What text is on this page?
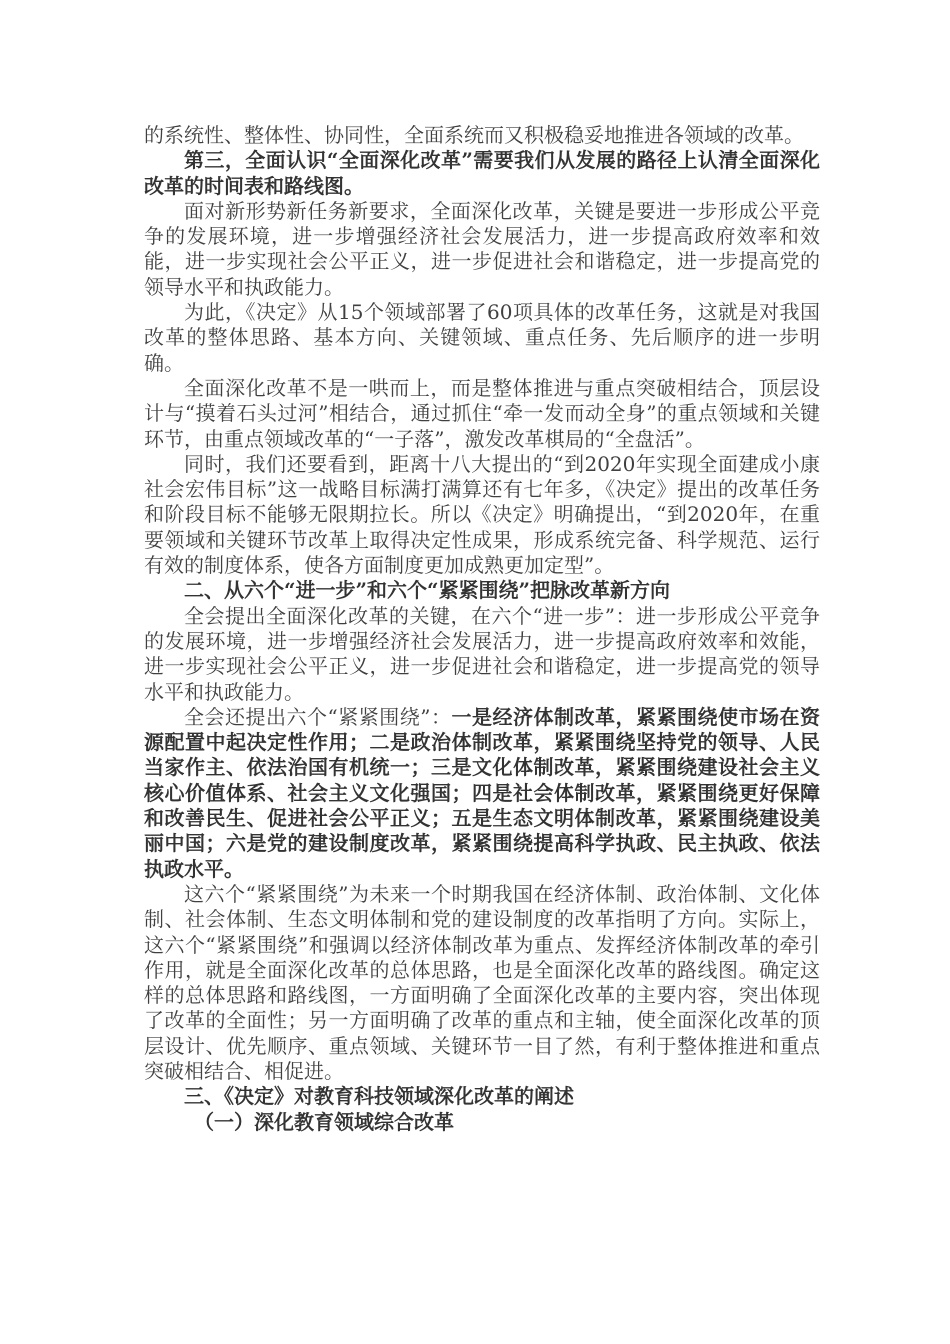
的系统性、整体性、协同性，全面系统而又积极稳妥地推进各领域的改革。

第三，全面认识“全面深化改革”需要我们从发展的路径上认清全面深化改革的时间表和路线图。

面对新形势新任务新要求，全面深化改革，关键是要进一步形成公平竞争的发展环境，进一步增强经济社会发展活力，进一步提高政府效率和效能，进一步实现社会公平正义，进一步促进社会和谐稳定，进一步提高党的领导水平和执政能力。

为此，《决定》从15个领域部署了60项具体的改革任务，这就是对我国改革的整体思路、基本方向、关键领域、重点任务、先后顺序的进一步明确。

全面深化改革不是一哄而上，而是整体推进与重点突破相结合，顶层设计与“摸着石头过河”相结合，通过抓住“牵一发而动全身”的重点领域和关键环节，由重点领域改革的“一子落”，激发改革棋局的“全盘活”。

同时，我们还要看到，距离十八大提出的“到2020年实现全面建成小康社会宏伟目标”这一战略目标满打满算还有七年多，《决定》提出的改革任务和阶段目标不能够无限期拉长。所以《决定》明确提出，“到2020年，在重要领域和关键环节改革上取得决定性成果，形成系统完备、科学规范、运行有效的制度体系，使各方面制度更加成熟更加定型”。

二、从六个“进一步”和六个“紧紧围绕”把脉改革新方向

全会提出全面深化改革的关键，在六个“进一步”：进一步形成公平竞争的发展环境，进一步增强经济社会发展活力，进一步提高政府效率和效能，进一步实现社会公平正义，进一步促进社会和谐稳定，进一步提高党的领导水平和执政能力。

全会还提出六个“紧紧围绕”：一是经济体制改革，紧紧围绕使市场在资源配置中起决定性作用；二是政治体制改革，紧紧围绕坚持党的领导、人民当家作主、依法治国有机统一；三是文化体制改革，紧紧围绕建设社会主义核心价值体系、社会主义文化强国；四是社会体制改革，紧紧围绕更好保障和改善民生、促进社会公平正义；五是生态文明体制改革，紧紧围绕建设美丽中国；六是党的建设制度改革，紧紧围绕提高科学执政、民主执政、依法执政水平。

这六个“紧紧围绕”为未来一个时期我国在经济体制、政治体制、文化体制、社会体制、生态文明体制和党的建设制度的改革指明了方向。实际上，这六个“紧紧围绕”和强调以经济体制改革为重点、发挥经济体制改革的牵引作用，就是全面深化改革的总体思路，也是全面深化改革的路线图。确定这样的总体思路和路线图，一方面明确了全面深化改革的主要内容，突出体现了改革的全面性；另一方面明确了改革的重点和主轴，使全面深化改革的顶层设计、优先顺序、重点领域、关键环节一目了然，有利于整体推进和重点突破相结合、相促进。

三、《决定》对教育科技领域深化改革的阐述

（一）深化教育领域综合改革
